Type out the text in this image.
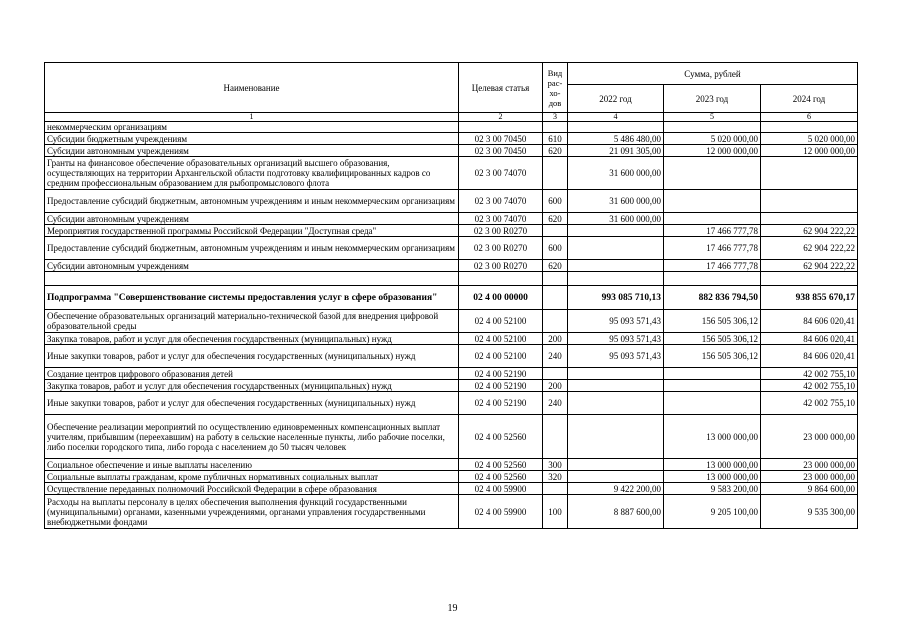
Наименование	Целевая статья	Вид рас-хо-дов	Сумма, рублей		
			2022 год	2023 год	2024 год
1	2	3	4	5	6
некоммерческим организациям					
Субсидии бюджетным учреждениям	02 3 00 70450	610	5 486 480,00	5 020 000,00	5 020 000,00
Субсидии автономным учреждениям	02 3 00 70450	620	21 091 305,00	12 000 000,00	12 000 000,00
Гранты на финансовое обеспечение образовательных организаций высшего образования, осуществляющих на территории Архангельской области подготовку квалифицированных кадров со средним профессиональным образованием для рыбопромыслового флота	02 3 00 74070		31 600 000,00		
Предоставление субсидий бюджетным, автономным учреждениям и иным некоммерческим организациям	02 3 00 74070	600	31 600 000,00		
Субсидии автономным учреждениям	02 3 00 74070	620	31 600 000,00		
Мероприятия государственной программы Российской Федерации "Доступная среда"	02 3 00 R0270			17 466 777,78	62 904 222,22
Предоставление субсидий бюджетным, автономным учреждениям и иным некоммерческим организациям	02 3 00 R0270	600		17 466 777,78	62 904 222,22
Субсидии автономным учреждениям	02 3 00 R0270	620		17 466 777,78	62 904 222,22

Подпрограмма "Совершенствование системы предоставления услуг в сфере образования"	02 4 00 00000		993 085 710,13	882 836 794,50	938 855 670,17
Обеспечение образовательных организаций материально-технической базой для внедрения цифровой образовательной среды	02 4 00 52100		95 093 571,43	156 505 306,12	84 606 020,41
Закупка товаров, работ и услуг для обеспечения государственных (муниципальных) нужд	02 4 00 52100	200	95 093 571,43	156 505 306,12	84 606 020,41
Иные закупки товаров, работ и услуг для обеспечения государственных (муниципальных) нужд	02 4 00 52100	240	95 093 571,43	156 505 306,12	84 606 020,41
Создание центров цифрового образования детей	02 4 00 52190				42 002 755,10
Закупка товаров, работ и услуг для обеспечения государственных (муниципальных) нужд	02 4 00 52190	200			42 002 755,10
Иные закупки товаров, работ и услуг для обеспечения государственных (муниципальных) нужд	02 4 00 52190	240			42 002 755,10
Обеспечение реализации мероприятий по осуществлению единовременных компенсационных выплат учителям, прибывшим (переехавшим) на работу в сельские населенные пункты, либо рабочие поселки, либо поселки городского типа, либо города с населением до 50 тысяч человек	02 4 00 52560			13 000 000,00	23 000 000,00
Социальное обеспечение и иные выплаты населению	02 4 00 52560	300		13 000 000,00	23 000 000,00
Социальные выплаты гражданам, кроме публичных нормативных социальных выплат	02 4 00 52560	320		13 000 000,00	23 000 000,00
Осуществление переданных полномочий Российской Федерации в сфере образования	02 4 00 59900		9 422 200,00	9 583 200,00	9 864 600,00
Расходы на выплаты персоналу в целях обеспечения выполнения функций государственными (муниципальными) органами, казенными учреждениями, органами управления государственными внебюджетными фондами	02 4 00 59900	100	8 887 600,00	9 205 100,00	9 535 300,00
19
